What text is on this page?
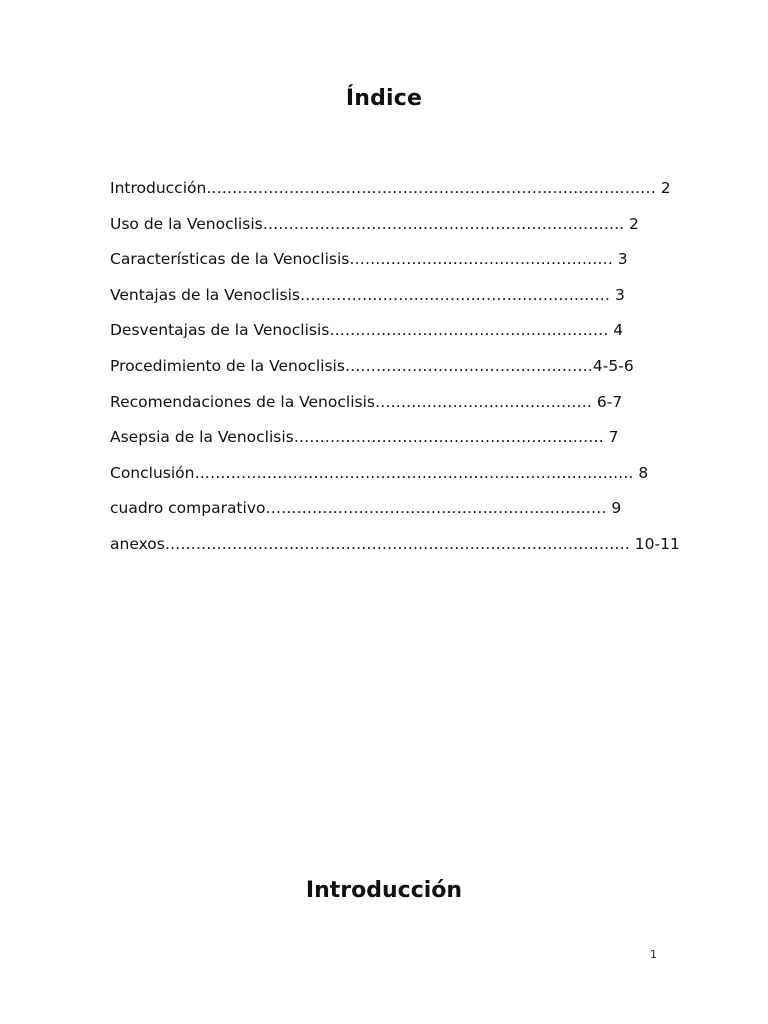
Índice
Introducción…………………………………………………………………………… 2
Uso de la Venoclisis……………………………………………………………. 2
Características de la Venoclisis…………………………………………… 3
Ventajas de la Venoclisis…………………………………………………… 3
Desventajas de la Venoclisis……………………………………………… 4
Procedimiento de la Venoclisis…………………………………………4-5-6
Recomendaciones de la Venoclisis…………………………………… 6-7
Asepsia de la Venoclisis…………………………………………………… 7
Conclusión…………………………………………………………………………. 8
cuadro comparativo………………………………………………………… 9
anexos……………………………………………………………………………… 10-11
Introducción
1
